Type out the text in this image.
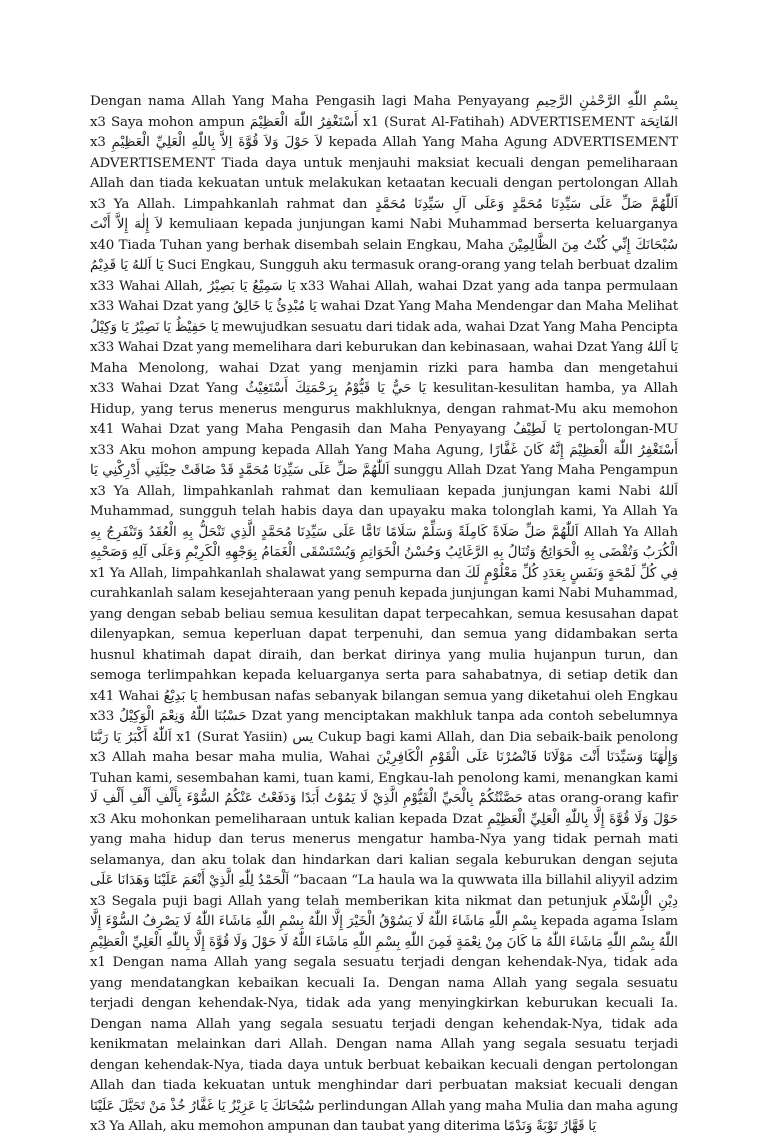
بِسْمِ اللّٰهِ الرَّحْمٰنِ الرَّحِيمِ Dengan nama Allah Yang Maha Pengasih lagi Maha Penyayang الفَاتِحَة x1 (Surat Al-Fatihah) ADVERTISEMENT أَسْتَغْفِرُ اللّٰهَ الْعَظِيْمَ x3 Saya mohon ampun kepada Allah Yang Maha Agung ADVERTISEMENT لاَ حَوْلَ وَلاَ قُوَّةَ اِلاَّ بِاللّٰهِ الْعَلِيِّ الْعَظِيْمِ x3 ADVERTISEMENT Tiada daya untuk menjauhi maksiat kecuali dengan pemeliharaan Allah dan tiada kekuatan untuk melakukan ketaatan kecuali dengan pertolongan Allah اَللّٰهُمَّ صَلِّ عَلَى سَيِّدِنَا مُحَمَّدٍ وَعَلَى آلِ سَيِّدِنَا مُحَمَّدٍ x3 Ya Allah. Limpahkanlah rahmat dan kemuliaan kepada junjungan kami Nabi Muhammad berserta keluarganya لاَ إِلٰهَ إِلاَّ أَنْتَ سُبْحَانَكَ إِنِّي كُنْتُ مِنَ الظَّالِمِيْنَ x40 Tiada Tuhan yang berhak disembah selain Engkau, Maha Suci Engkau, Sungguh aku termasuk orang-orang yang telah berbuat dzalim يَا اَللهُ يَا قَدِيْمُ x33 Wahai Allah, wahai Dzat yang ada tanpa permulaan يَا سَمِيْعُ يَا بَصِيْرُ x33 Wahai Allah, wahai Dzat Yang Maha Mendengar dan Maha Melihat يَا مُبْدِئُ يَا خَالِقُ x33 Wahai Dzat yang mewujudkan sesuatu dari tidak ada, wahai Dzat Yang Maha Pencipta يَا حَفِيْظُ يَا نَصِيْرُ يَا وَكِيْلُ يَا اَللهُ x33 Wahai Dzat yang memelihara dari keburukan dan kebinasaan, wahai Dzat Yang Maha Menolong, wahai Dzat yang menjamin rizki para hamba dan mengetahui kesulitan-kesulitan hamba, ya Allah يَا حَيُّ يَا قَيُّوْمُ بِرَحْمَتِكَ أَسْتَغِيْثُ x33 Wahai Dzat Yang Hidup, yang terus menerus mengurus makhluknya, dengan rahmat-Mu aku memohon pertolongan-MU يَا لَطِيْفُ x41 Wahai Dzat yang Maha Pengasih dan Maha Penyayang أَسْتَغْفِرُ اللّٰهَ الْعَظِيْمَ إِنَّهُ كَانَ غَفَّارًا x33 Aku mohon ampung kepada Allah Yang Maha Agung, sunggu Allah Dzat Yang Maha Pengampun اَللّٰهُمَّ صَلِّ عَلَى سَيِّدِنَا مُحَمَّدٍ قَدْ ضَاقَتْ حِيْلَتِي أَدْرِكْنِي يَا اَللهُ x3 Ya Allah, limpahkanlah rahmat dan kemuliaan kepada junjungan kami Nabi Muhammad, sungguh telah habis daya dan upayaku maka tolonglah kami, Ya Allah Ya Allah Ya Allah اَللّٰهُمَّ صَلِّ صَلَاةً كَامِلَةً وَسَلِّمْ سَلَامًا تَامًّا عَلَى سَيِّدِنَا مُحَمَّدٍ الَّذِي تَنْحَلُّ بِهِ الْعُقَدُ وَتَنْفَرِجُ بِهِ الْكُرَبُ وَتُقْضَى بِهِ الْحَوَائِجُ وَتُنَالُ بِهِ الرَّغَائِبُ وَحُسْنُ الْخَوَاتِمِ وَيُسْتَسْقَى الْغَمَامُ بِوَجْهِهِ الْكَرِيْمِ وَعَلَى آلِهِ وَصَحْبِهِ فِي كُلِّ لَمْحَةٍ وَنَفَسٍ بِعَدَدِ كُلِّ مَعْلُوْمٍ لَكَ x1 Ya Allah, limpahkanlah shalawat yang sempurna dan curahkanlah salam kesejahteraan yang penuh kepada junjungan kami Nabi Muhammad, yang dengan sebab beliau semua kesulitan dapat terpecahkan, semua kesusahan dapat dilenyapkan, semua keperluan dapat terpenuhi, dan semua yang didambakan serta husnul khatimah dapat diraih, dan berkat dirinya yang mulia hujanpun turun, dan semoga terlimpahkan kepada keluarganya serta para sahabatnya, di setiap detik dan hembusan nafas sebanyak bilangan semua yang diketahui oleh Engkau يَا بَدِيْعُ x41 Wahai Dzat yang menciptakan makhluk tanpa ada contoh sebelumnya حَسْبُنَا اللّٰهُ وَنِعْمَ الْوَكِيْلُ x33 Cukup bagi kami Allah, dan Dia sebaik-baik penolong يس x1 (Surat Yasiin) اَللّٰهُ أَكْبَرُ يَا رَبَّنَا وَإِلٰهَنَا وَسَيِّدَنَا أَنْتَ مَوْلَانَا فَانْصُرْنَا عَلَى الْقَوْمِ الْكَافِرِيْنَ x3 Allah maha besar maha mulia, Wahai Tuhan kami, sesembahan kami, tuan kami, Engkau-lah penolong kami, menangkan kami atas orang-orang kafir حَصَّنْتُكُمْ بِالْحَيِّ الْقَيُّوْمِ الَّذِيْ لَا يَمُوْتُ أَبَدًا وَدَفَعْتُ عَنْكُمُ السُّوْءَ بِأَلْفِ أَلْفِ أَلْفِ لَا حَوْلَ وَلَا قُوَّةَ إِلَّا بِاللّٰهِ الْعَلِيِّ الْعَظِيْمِ x3 Aku mohonkan pemeliharaan untuk kalian kepada Dzat yang maha hidup dan terus menerus mengatur hamba-Nya yang tidak pernah mati selamanya, dan aku tolak dan hindarkan dari kalian segala keburukan dengan sejuta bacaan “La haula wa la quwwata illa billahil aliyyil adzim” اَلْحَمْدُ لِلّٰهِ الَّذِيْ أَنْعَمَ عَلَيْنَا وَهَدَانَا عَلَى دِيْنِ الْإِسْلَامِ x3 Segala puji bagi Allah yang telah memberikan kita nikmat dan petunjuk kepada agama Islam بِسْمِ اللّٰهِ مَاشَاءَ اللّٰهُ لَا يَسُوْقُ الْخَيْرَ إِلَّا اللّٰهُ بِسْمِ اللّٰهِ مَاشَاءَ اللّٰهُ لَا يَصْرِفُ السُّوْءَ إِلَّا اللّٰهُ بِسْمِ اللّٰهِ مَاشَاءَ اللّٰهُ مَا كَانَ مِنْ نِعْمَةٍ فَمِنَ اللّٰهِ بِسْمِ اللّٰهِ مَاشَاءَ اللّٰهُ لَا حَوْلَ وَلَا قُوَّةَ إِلَّا بِاللّٰهِ الْعَلِيِّ الْعَظِيْمِ x1 Dengan nama Allah yang segala sesuatu terjadi dengan kehendak-Nya, tidak ada yang mendatangkan kebaikan kecuali Ia. Dengan nama Allah yang segala sesuatu terjadi dengan kehendak-Nya, tidak ada yang menyingkirkan keburukan kecuali Ia. Dengan nama Allah yang segala sesuatu terjadi dengan kehendak-Nya, tidak ada kenikmatan melainkan dari Allah. Dengan nama Allah yang segala sesuatu terjadi dengan kehendak-Nya, tiada daya untuk berbuat kebaikan kecuali dengan pertolongan Allah dan tiada kekuatan untuk menghindar dari perbuatan maksiat kecuali dengan perlindungan Allah yang maha Mulia dan maha agung سُبْحَانَكَ يَا عَزِيْزُ يَا غَفَّارُ خُذْ مَنْ تَحَيَّلَ عَلَيْنَا يَا قَهَّارُ تَوْبَةً وَنَدْمًا x3 Ya Allah, aku memohon ampunan dan taubat yang diterima
